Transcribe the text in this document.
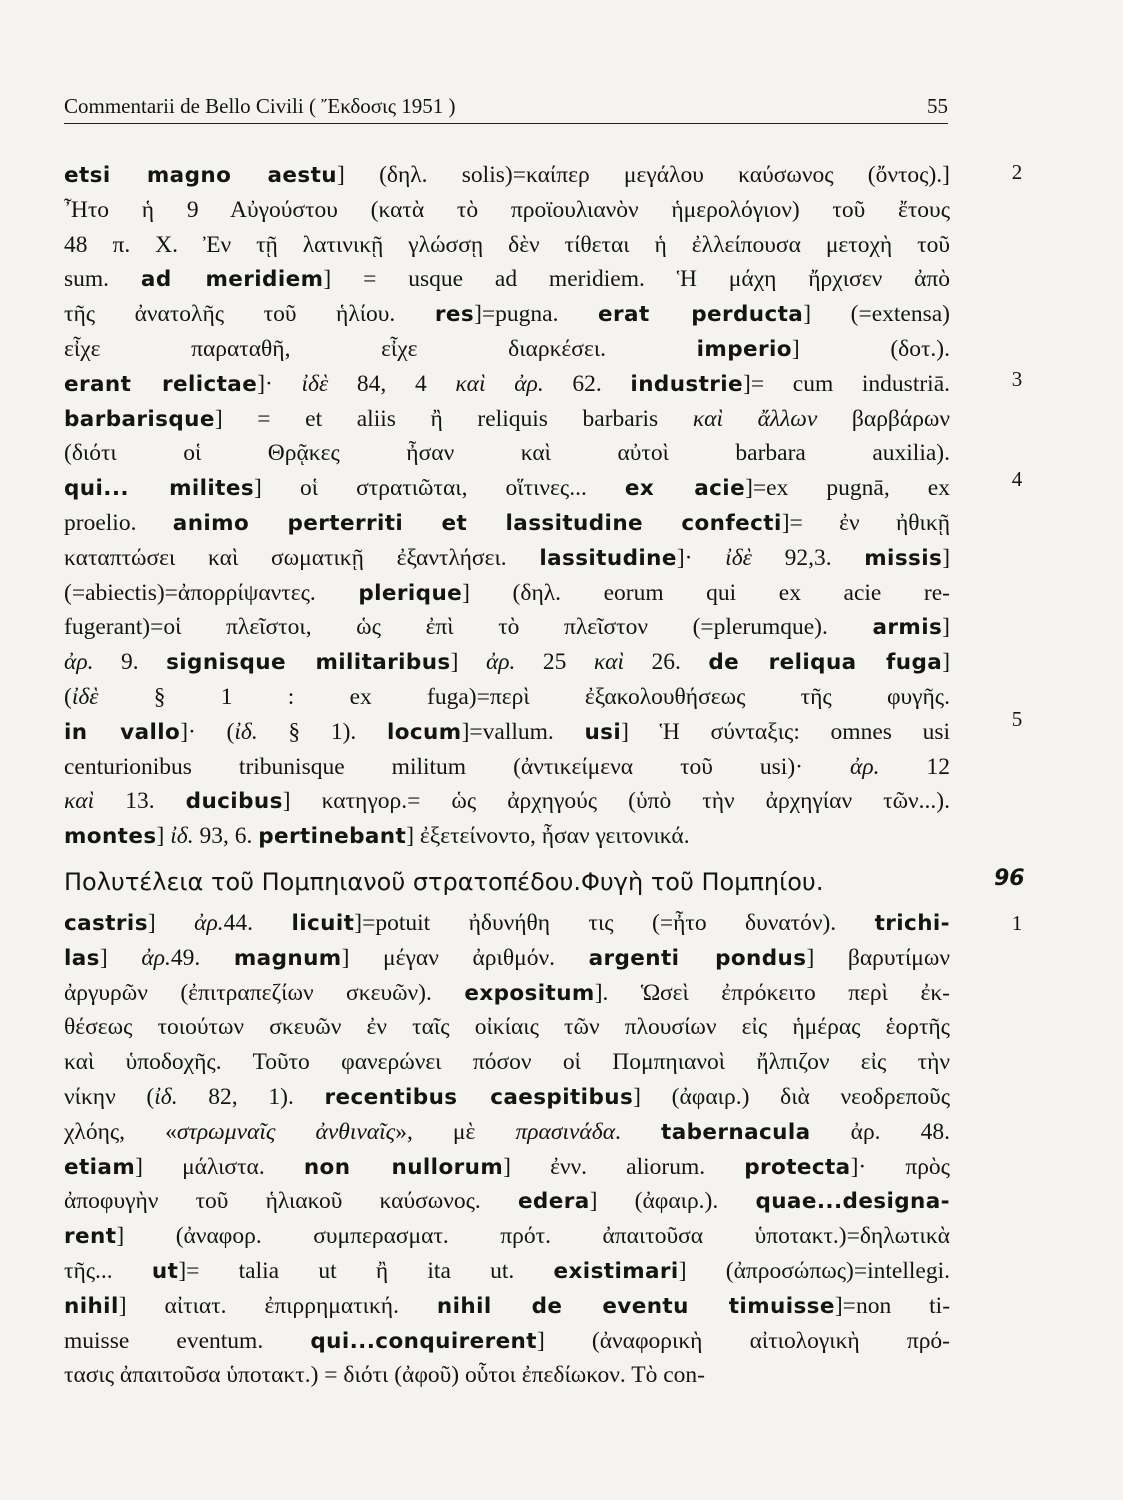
Commentarii de Bello Civili ( Ἔκδοσις 1951 )	55
etsi magno aestu] (δηλ. solis)=καίπερ μεγάλου καύσωνος (ὄντος).]
Ἦτο ἡ 9 Αὐγούστου (κατὰ τὸ προϊουλιανὸν ἡμερολόγιον) τοῦ ἔτους
48 π. Χ. Ἐν τῇ λατινικῇ γλώσσῃ δὲν τίθεται ἡ ἐλλείπουσα μετοχὴ τοῦ
sum. ad meridiem] = usque ad meridiem. Ἡ μάχη ἤρχισεν ἀπὸ
τῆς ἀνατολῆς τοῦ ἡλίου. res]=pugna. erat perducta] (=extensa)
εἶχε παραταθῆ, εἶχε διαρκέσει. imperio] (δοτ.).
erant relictae]· ἰδὲ 84, 4 καὶ ἀρ. 62. industrie]= cum industriā.
barbarisque] = et aliis ἢ reliquis barbaris καὶ ἄλλων βαρβάρων
(διότι οἱ Θρᾷκες ἦσαν καὶ αὐτοὶ barbara auxilia).
qui... milites] οἱ στρατιῶται, οἵτινες... ex acie]=ex pugnā, ex
proelio. animo perterriti et lassitudine confecti]= ἐν ἠθικῇ
καταπτώσει καὶ σωματικῇ ἐξαντλήσει. lassitudine]· ἰδὲ 92,3. missis]
(=abiectis)=ἀπορρίψαντες. plerique] (δηλ. eorum qui ex acie re-
fugerant)=οἱ πλεῖστοι, ὡς ἐπὶ τὸ πλεῖστον (=plerumque). armis]
ἀρ. 9. signisque militaribus] ἀρ. 25 καὶ 26. de reliqua fuga]
(ἰδὲ § 1 : ex fuga)=περὶ ἐξακολουθήσεως τῆς φυγῆς.
in vallo]· (ἰδ. § 1). locum]=vallum. usi] Ἡ σύνταξις: omnes usi
centurionibus tribunisque militum (ἀντικείμενα τοῦ usi)· ἀρ. 12
καὶ 13. ducibus] κατηγορ.= ὡς ἀρχηγούς (ὑπὸ τὴν ἀρχηγίαν τῶν...).
montes] ἰδ. 93, 6. pertinebant] ἐξετείνοντο, ἦσαν γειτονικά.
Πολυτέλεια τοῦ Πομπηιανοῦ στρατοπέδου.Φυγὴ τοῦ Πομπηίου.
castris] ἀρ.44. licuit]=potuit ἠδυνήθη τις (=ἦτο δυνατόν). trichi-
las] ἀρ.49. magnum] μέγαν ἀριθμόν. argenti pondus] βαρυτίμων
ἀργυρῶν (ἐπιτραπεζίων σκευῶν). expositum]. Ὡσεὶ ἐπρόκειτο περὶ ἐκ-
θέσεως τοιούτων σκευῶν ἐν ταῖς οἰκίαις τῶν πλουσίων εἰς ἡμέρας ἑορτῆς
καὶ ὑποδοχῆς. Τοῦτο φανερώνει πόσον οἱ Πομπηιανοὶ ἤλπιζον εἰς τὴν
νίκην (ἰδ. 82, 1). recentibus caespitibus] (ἀφαιρ.) διὰ νεοδρεποῦς
χλόης, «στρωμναῖς ἀνθιναῖς», μὲ πρασινάδα. tabernacula ἀρ. 48.
etiam] μάλιστα. non nullorum] ἐνν. aliorum. protecta]· πρὸς
ἀποφυγὴν τοῦ ἡλιακοῦ καύσωνος. edera] (ἀφαιρ.). quae...designa-
rent] (ἀναφορ. συμπερασματ. πρότ. ἀπαιτοῦσα ὑποτακτ.)=δηλωτικὰ
τῆς... ut]= talia ut ἢ ita ut. existimari] (ἀπροσώπως)=intellegi.
nihil] αἰτιατ. ἐπιρρηματική. nihil de eventu timuisse]=non ti-
muisse eventum. qui...conquirerent] (ἀναφορικὴ αἰτιολογικὴ πρό-
τασις ἀπαιτοῦσα ὑποτακτ.) = διότι (ἀφοῦ) οὗτοι ἐπεδίωκον. Τὸ con-
2
3
4
5
96
1
